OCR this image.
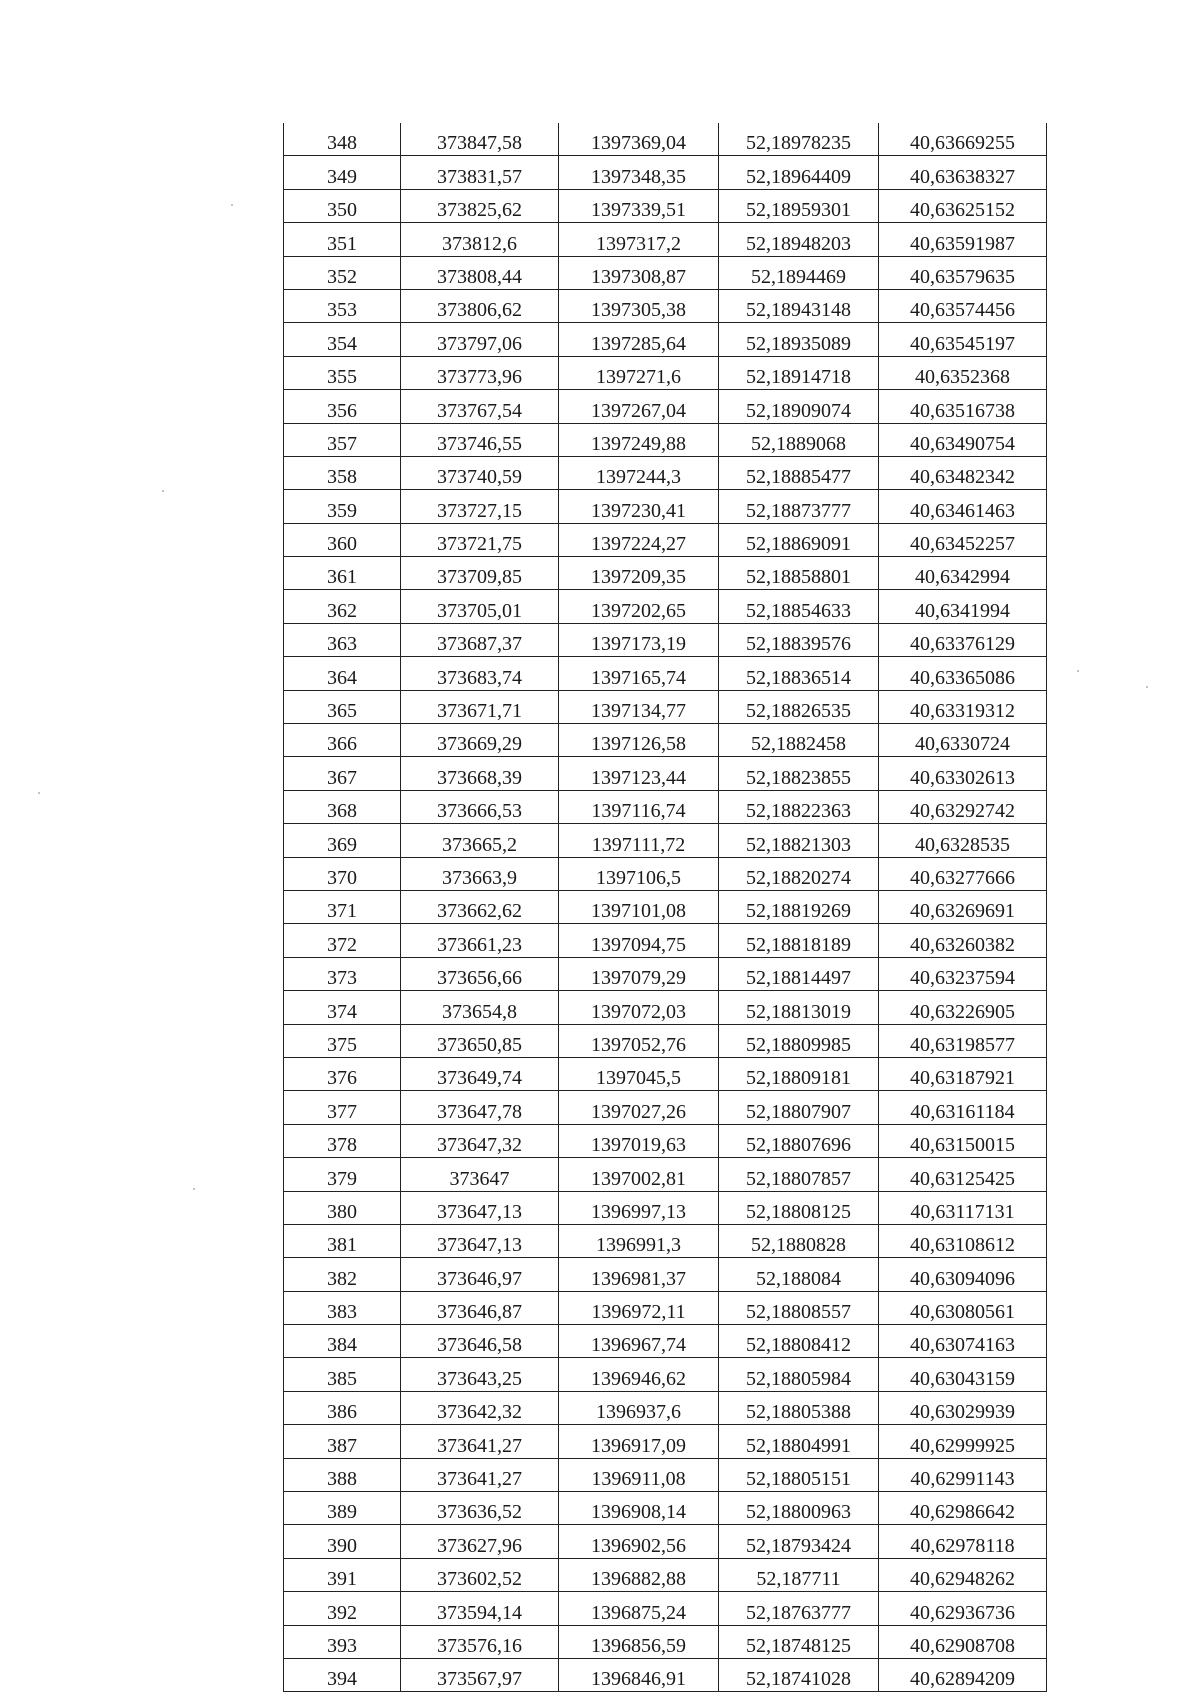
348	373847,58	1397369,04	52,18978235	40,63669255
349	373831,57	1397348,35	52,18964409	40,63638327
350	373825,62	1397339,51	52,18959301	40,63625152
351	373812,6	1397317,2	52,18948203	40,63591987
352	373808,44	1397308,87	52,1894469	40,63579635
353	373806,62	1397305,38	52,18943148	40,63574456
354	373797,06	1397285,64	52,18935089	40,63545197
355	373773,96	1397271,6	52,18914718	40,6352368
356	373767,54	1397267,04	52,18909074	40,63516738
357	373746,55	1397249,88	52,1889068	40,63490754
358	373740,59	1397244,3	52,18885477	40,63482342
359	373727,15	1397230,41	52,18873777	40,63461463
360	373721,75	1397224,27	52,18869091	40,63452257
361	373709,85	1397209,35	52,18858801	40,6342994
362	373705,01	1397202,65	52,18854633	40,6341994
363	373687,37	1397173,19	52,18839576	40,63376129
364	373683,74	1397165,74	52,18836514	40,63365086
365	373671,71	1397134,77	52,18826535	40,63319312
366	373669,29	1397126,58	52,1882458	40,6330724
367	373668,39	1397123,44	52,18823855	40,63302613
368	373666,53	1397116,74	52,18822363	40,63292742
369	373665,2	1397111,72	52,18821303	40,6328535
370	373663,9	1397106,5	52,18820274	40,63277666
371	373662,62	1397101,08	52,18819269	40,63269691
372	373661,23	1397094,75	52,18818189	40,63260382
373	373656,66	1397079,29	52,18814497	40,63237594
374	373654,8	1397072,03	52,18813019	40,63226905
375	373650,85	1397052,76	52,18809985	40,63198577
376	373649,74	1397045,5	52,18809181	40,63187921
377	373647,78	1397027,26	52,18807907	40,63161184
378	373647,32	1397019,63	52,18807696	40,63150015
379	373647	1397002,81	52,18807857	40,63125425
380	373647,13	1396997,13	52,18808125	40,63117131
381	373647,13	1396991,3	52,1880828	40,63108612
382	373646,97	1396981,37	52,188084	40,63094096
383	373646,87	1396972,11	52,18808557	40,63080561
384	373646,58	1396967,74	52,18808412	40,63074163
385	373643,25	1396946,62	52,18805984	40,63043159
386	373642,32	1396937,6	52,18805388	40,63029939
387	373641,27	1396917,09	52,18804991	40,62999925
388	373641,27	1396911,08	52,18805151	40,62991143
389	373636,52	1396908,14	52,18800963	40,62986642
390	373627,96	1396902,56	52,18793424	40,62978118
391	373602,52	1396882,88	52,187711	40,62948262
392	373594,14	1396875,24	52,18763777	40,62936736
393	373576,16	1396856,59	52,18748125	40,62908708
394	373567,97	1396846,91	52,18741028	40,62894209
